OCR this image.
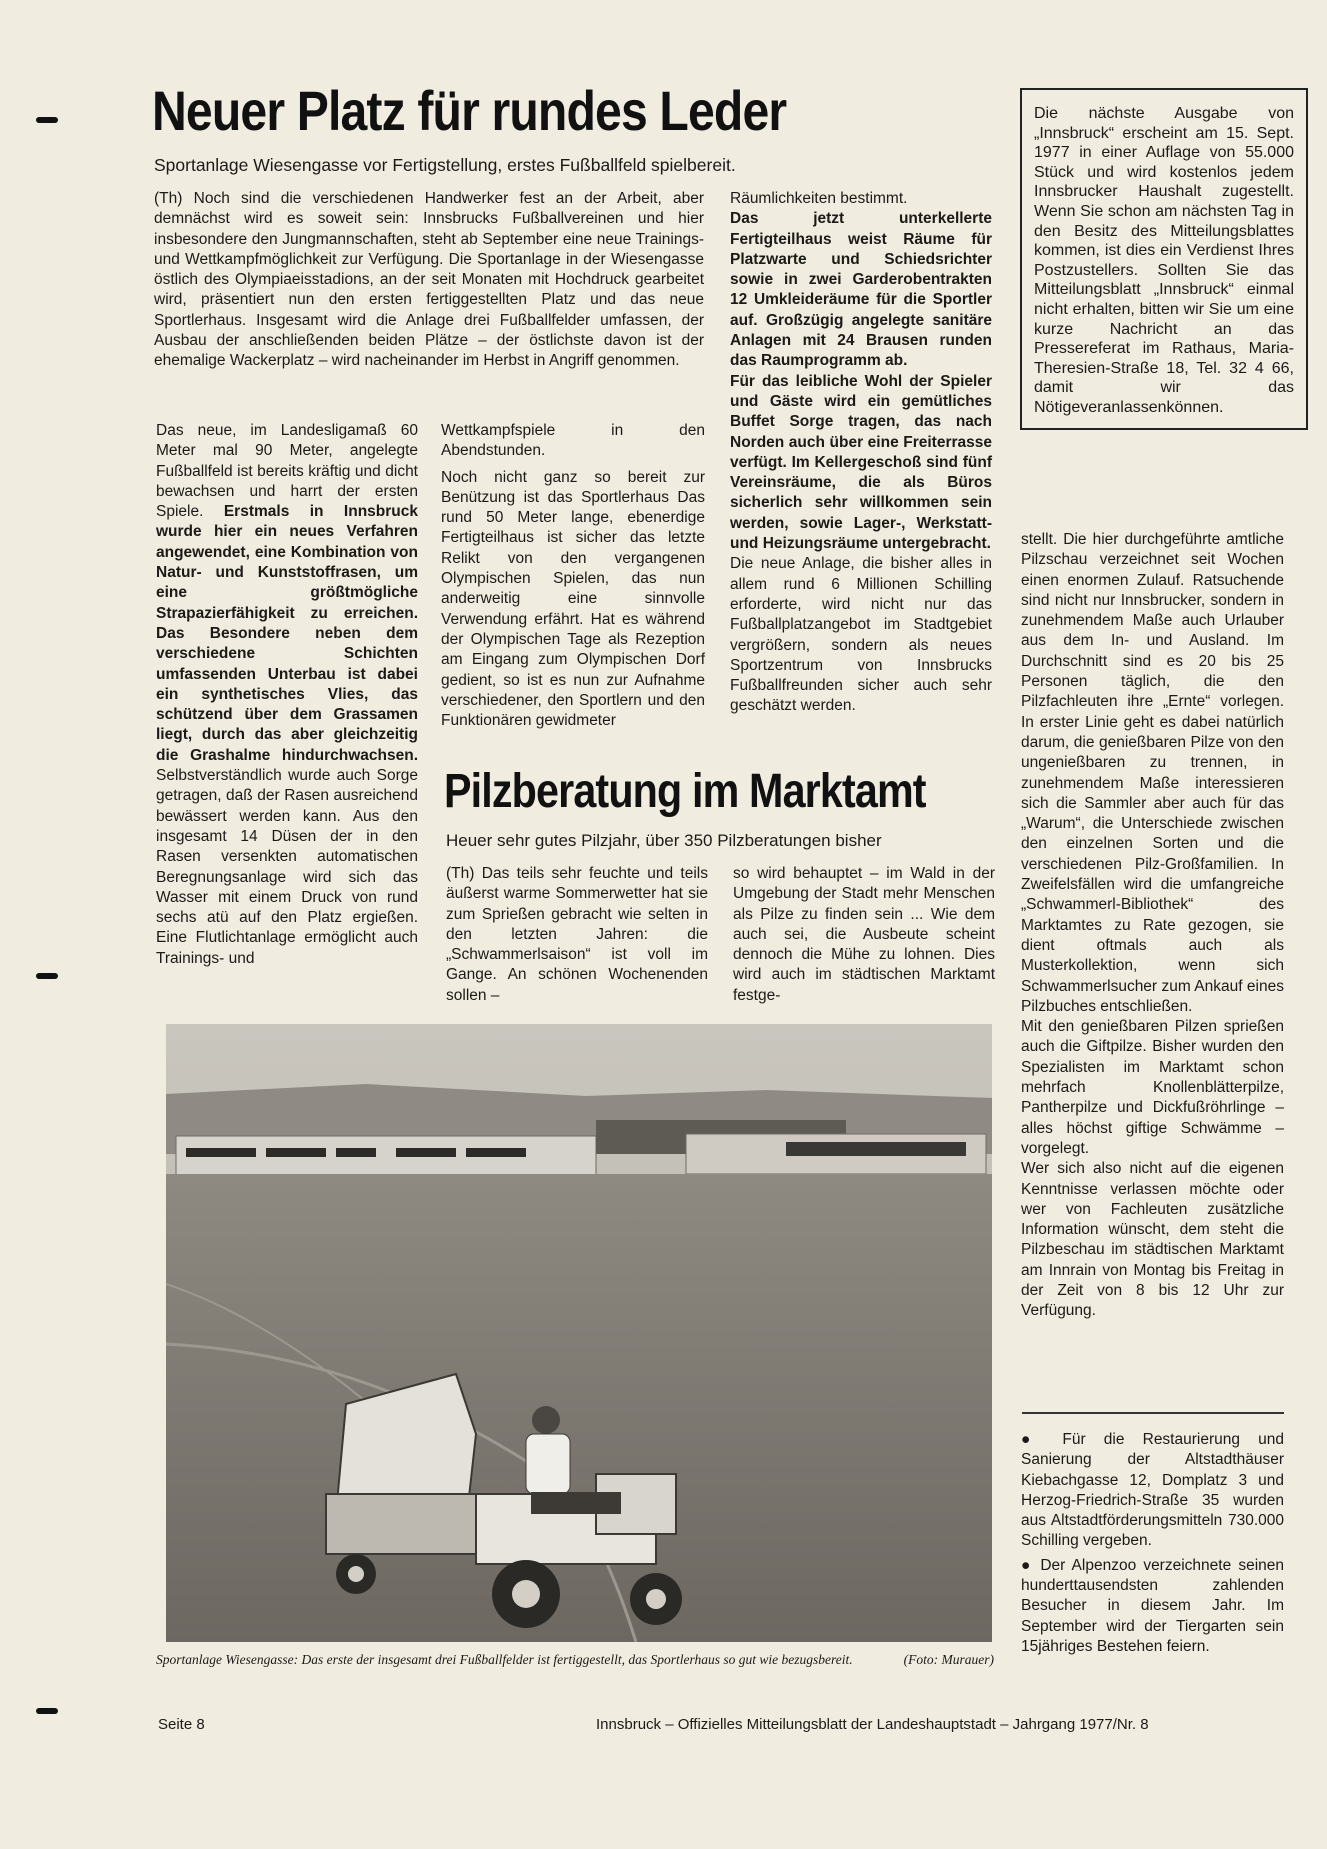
Neuer Platz für rundes Leder
Sportanlage Wiesengasse vor Fertigstellung, erstes Fußballfeld spielbereit.

(Th) Noch sind die verschiedenen Handwerker fest an der Arbeit, aber demnächst wird es soweit sein: Innsbrucks Fußballvereinen und hier insbesondere den Jungmannschaften, steht ab September eine neue Trainings- und Wettkampfmöglichkeit zur Verfügung. Die Sportanlage in der Wiesengasse östlich des Olympiaeisstadions, an der seit Monaten mit Hochdruck gearbeitet wird, präsentiert nun den ersten fertiggestellten Platz und das neue Sportlerhaus. Insgesamt wird die Anlage drei Fußballfelder umfassen, der Ausbau der anschließenden beiden Plätze – der östlichste davon ist der ehemalige Wackerplatz – wird nacheinander im Herbst in Angriff genommen.

Das neue, im Landesligamaß 60 Meter mal 90 Meter, angelegte Fußballfeld ist bereits kräftig und dicht bewachsen und harrt der ersten Spiele. Erstmals in Innsbruck wurde hier ein neues Verfahren angewendet, eine Kombination von Natur- und Kunststoffrasen, um eine größtmögliche Strapazierfähigkeit zu erreichen. Das Besondere neben dem verschiedene Schichten umfassenden Unterbau ist dabei ein synthetisches Vlies, das schützend über dem Grassamen liegt, durch das aber gleichzeitig die Grashalme hindurchwachsen. Selbstverständlich wurde auch Sorge getragen, daß der Rasen ausreichend bewässert werden kann. Aus den insgesamt 14 Düsen der in den Rasen versenkten automatischen Beregnungsanlage wird sich das Wasser mit einem Druck von rund sechs atü auf den Platz ergießen. Eine Flutlichtanlage ermöglicht auch Trainings- und

Wettkampfspiele in den Abendstunden.

Noch nicht ganz so bereit zur Benützung ist das Sportlerhaus Das rund 50 Meter lange, ebenerdige Fertigteilhaus ist sicher das letzte Relikt von den vergangenen Olympischen Spielen, das nun anderweitig eine sinnvolle Verwendung erfährt. Hat es während der Olympischen Tage als Rezeption am Eingang zum Olympischen Dorf gedient, so ist es nun zur Aufnahme verschiedener, den Sportlern und den Funktionären gewidmeter

Räumlichkeiten bestimmt.

Das jetzt unterkellerte Fertigteilhaus weist Räume für Platzwarte und Schiedsrichter sowie in zwei Garderobentrakten 12 Umkleideräume für die Sportler auf. Großzügig angelegte sanitäre Anlagen mit 24 Brausen runden das Raumprogramm ab.

Für das leibliche Wohl der Spieler und Gäste wird ein gemütliches Buffet Sorge tragen, das nach Norden auch über eine Freiterrasse verfügt. Im Kellergeschoß sind fünf Vereinsräume, die als Büros sicherlich sehr willkommen sein werden, sowie Lager-, Werkstatt- und Heizungsräume untergebracht.

Die neue Anlage, die bisher alles in allem rund 6 Millionen Schilling erforderte, wird nicht nur das Fußballplatzangebot im Stadtgebiet vergrößern, sondern als neues Sportzentrum von Innsbrucks Fußballfreunden sicher auch sehr geschätzt werden.

Die nächste Ausgabe von „Innsbruck“ erscheint am 15. Sept. 1977 in einer Auflage von 55.000 Stück und wird kostenlos jedem Innsbrucker Haushalt zugestellt. Wenn Sie schon am nächsten Tag in den Besitz des Mitteilungsblattes kommen, ist dies ein Verdienst Ihres Postzustellers. Sollten Sie das Mitteilungsblatt „Innsbruck“ einmal nicht erhalten, bitten wir Sie um eine kurze Nachricht an das Pressereferat im Rathaus, Maria-Theresien-Straße 18, Tel. 32 4 66, damit wir das Nötigeveranlassenkönnen.
Pilzberatung im Marktamt
Heuer sehr gutes Pilzjahr, über 350 Pilzberatungen bisher

(Th) Das teils sehr feuchte und teils äußerst warme Sommerwetter hat sie zum Sprießen gebracht wie selten in den letzten Jahren: die „Schwammerlsaison“ ist voll im Gange. An schönen Wochenenden sollen –

so wird behauptet – im Wald in der Umgebung der Stadt mehr Menschen als Pilze zu finden sein ... Wie dem auch sei, die Ausbeute scheint dennoch die Mühe zu lohnen. Dies wird auch im städtischen Marktamt festge-

stellt. Die hier durchgeführte amtliche Pilzschau verzeichnet seit Wochen einen enormen Zulauf. Ratsuchende sind nicht nur Innsbrucker, sondern in zunehmendem Maße auch Urlauber aus dem In- und Ausland. Im Durchschnitt sind es 20 bis 25 Personen täglich, die den Pilzfachleuten ihre „Ernte“ vorlegen. In erster Linie geht es dabei natürlich darum, die genießbaren Pilze von den ungenießbaren zu trennen, in zunehmendem Maße interessieren sich die Sammler aber auch für das „Warum“, die Unterschiede zwischen den einzelnen Sorten und die verschiedenen Pilz-Großfamilien. In Zweifelsfällen wird die umfangreiche „Schwammerl-Bibliothek“ des Marktamtes zu Rate gezogen, sie dient oftmals auch als Musterkollektion, wenn sich Schwammerlsucher zum Ankauf eines Pilzbuches entschließen.

Mit den genießbaren Pilzen sprießen auch die Giftpilze. Bisher wurden den Spezialisten im Marktamt schon mehrfach Knollenblätterpilze, Pantherpilze und Dickfußröhrlinge – alles höchst giftige Schwämme – vorgelegt.

Wer sich also nicht auf die eigenen Kenntnisse verlassen möchte oder wer von Fachleuten zusätzliche Information wünscht, dem steht die Pilzbeschau im städtischen Marktamt am Innrain von Montag bis Freitag in der Zeit von 8 bis 12 Uhr zur Verfügung.

● Für die Restaurierung und Sanierung der Altstadthäuser Kiebachgasse 12, Domplatz 3 und Herzog-Friedrich-Straße 35 wurden aus Altstadtförderungsmitteln 730.000 Schilling vergeben.

● Der Alpenzoo verzeichnete seinen hunderttausendsten zahlenden Besucher in diesem Jahr. Im September wird der Tiergarten sein 15jähriges Bestehen feiern.

Sportanlage Wiesengasse: Das erste der insgesamt drei Fußballfelder ist fertiggestellt, das Sportlerhaus so gut wie bezugsbereit.	(Foto: Murauer)
Seite 8	Innsbruck – Offizielles Mitteilungsblatt der Landeshauptstadt – Jahrgang 1977/Nr. 8
